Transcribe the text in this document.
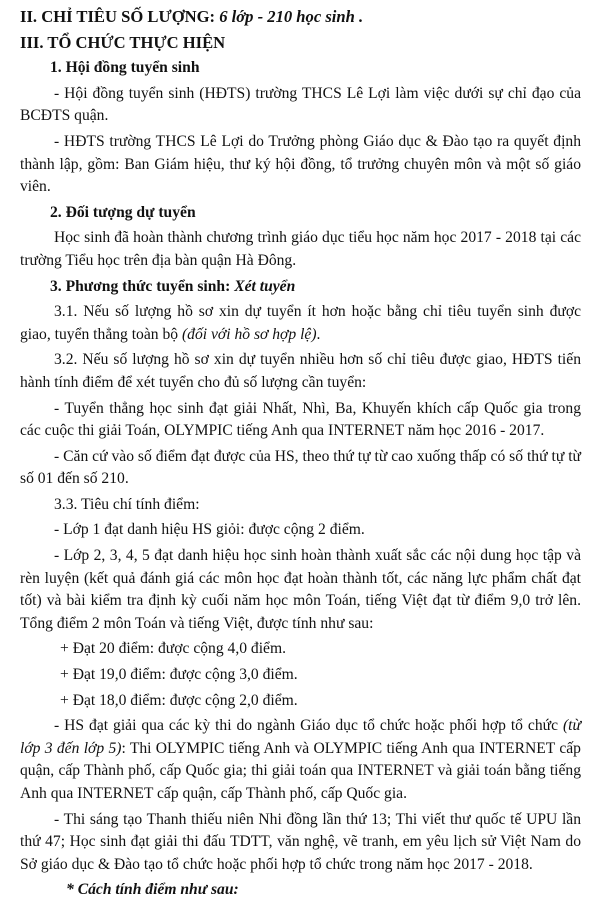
II. CHỈ TIÊU SỐ LƯỢNG: 6 lớp - 210 học sinh .
III. TỔ CHỨC THỰC HIỆN
1. Hội đồng tuyển sinh

- Hội đồng tuyển sinh (HĐTS) trường THCS Lê Lợi làm việc dưới sự chỉ đạo của BCĐTS quận.

- HĐTS trường THCS Lê Lợi do Trưởng phòng Giáo dục & Đào tạo ra quyết định thành lập, gồm: Ban Giám hiệu, thư ký hội đồng, tổ trưởng chuyên môn và một số giáo viên.

2. Đối tượng dự tuyển

Học sinh đã hoàn thành chương trình giáo dục tiểu học năm học 2017 - 2018 tại các trường Tiểu học trên địa bàn quận Hà Đông.

3. Phương thức tuyển sinh: Xét tuyển

3.1. Nếu số lượng hồ sơ xin dự tuyển ít hơn hoặc bằng chỉ tiêu tuyển sinh được giao, tuyển thẳng toàn bộ (đối với hồ sơ hợp lệ).

3.2. Nếu số lượng hồ sơ xin dự tuyển nhiều hơn số chỉ tiêu được giao, HĐTS tiến hành tính điểm để xét tuyển cho đủ số lượng cần tuyển:

- Tuyển thẳng học sinh đạt giải Nhất, Nhì, Ba, Khuyến khích cấp Quốc gia trong các cuộc thi giải Toán, OLYMPIC tiếng Anh qua INTERNET năm học 2016 - 2017.

- Căn cứ vào số điểm đạt được của HS, theo thứ tự từ cao xuống thấp có số thứ tự từ số 01 đến số 210.

3.3. Tiêu chí tính điểm:

- Lớp 1 đạt danh hiệu HS giỏi: được cộng 2 điểm.

- Lớp 2, 3, 4, 5 đạt danh hiệu học sinh hoàn thành xuất sắc các nội dung học tập và rèn luyện (kết quả đánh giá các môn học đạt hoàn thành tốt, các năng lực phẩm chất đạt tốt) và bài kiểm tra định kỳ cuối năm học môn Toán, tiếng Việt đạt từ điểm 9,0 trở lên. Tổng điểm 2 môn Toán và tiếng Việt, được tính như sau:

+ Đạt 20 điểm: được cộng 4,0 điểm.

+ Đạt 19,0 điểm: được cộng 3,0 điểm.

+ Đạt 18,0 điểm: được cộng 2,0 điểm.

- HS đạt giải qua các kỳ thi do ngành Giáo dục tổ chức hoặc phối hợp tổ chức (từ lớp 3 đến lớp 5): Thi OLYMPIC tiếng Anh và OLYMPIC tiếng Anh qua INTERNET cấp quận, cấp Thành phố, cấp Quốc gia; thi giải toán qua INTERNET và giải toán bằng tiếng Anh qua INTERNET cấp quận, cấp Thành phố, cấp Quốc gia.

- Thi sáng tạo Thanh thiếu niên Nhi đồng lần thứ 13; Thi viết thư quốc tế UPU lần thứ 47; Học sinh đạt giải thi đấu TDTT, văn nghệ, vẽ tranh, em yêu lịch sử Việt Nam do Sở giáo dục & Đào tạo tổ chức hoặc phối hợp tổ chức trong năm học 2017 - 2018.

* Cách tính điểm như sau:
